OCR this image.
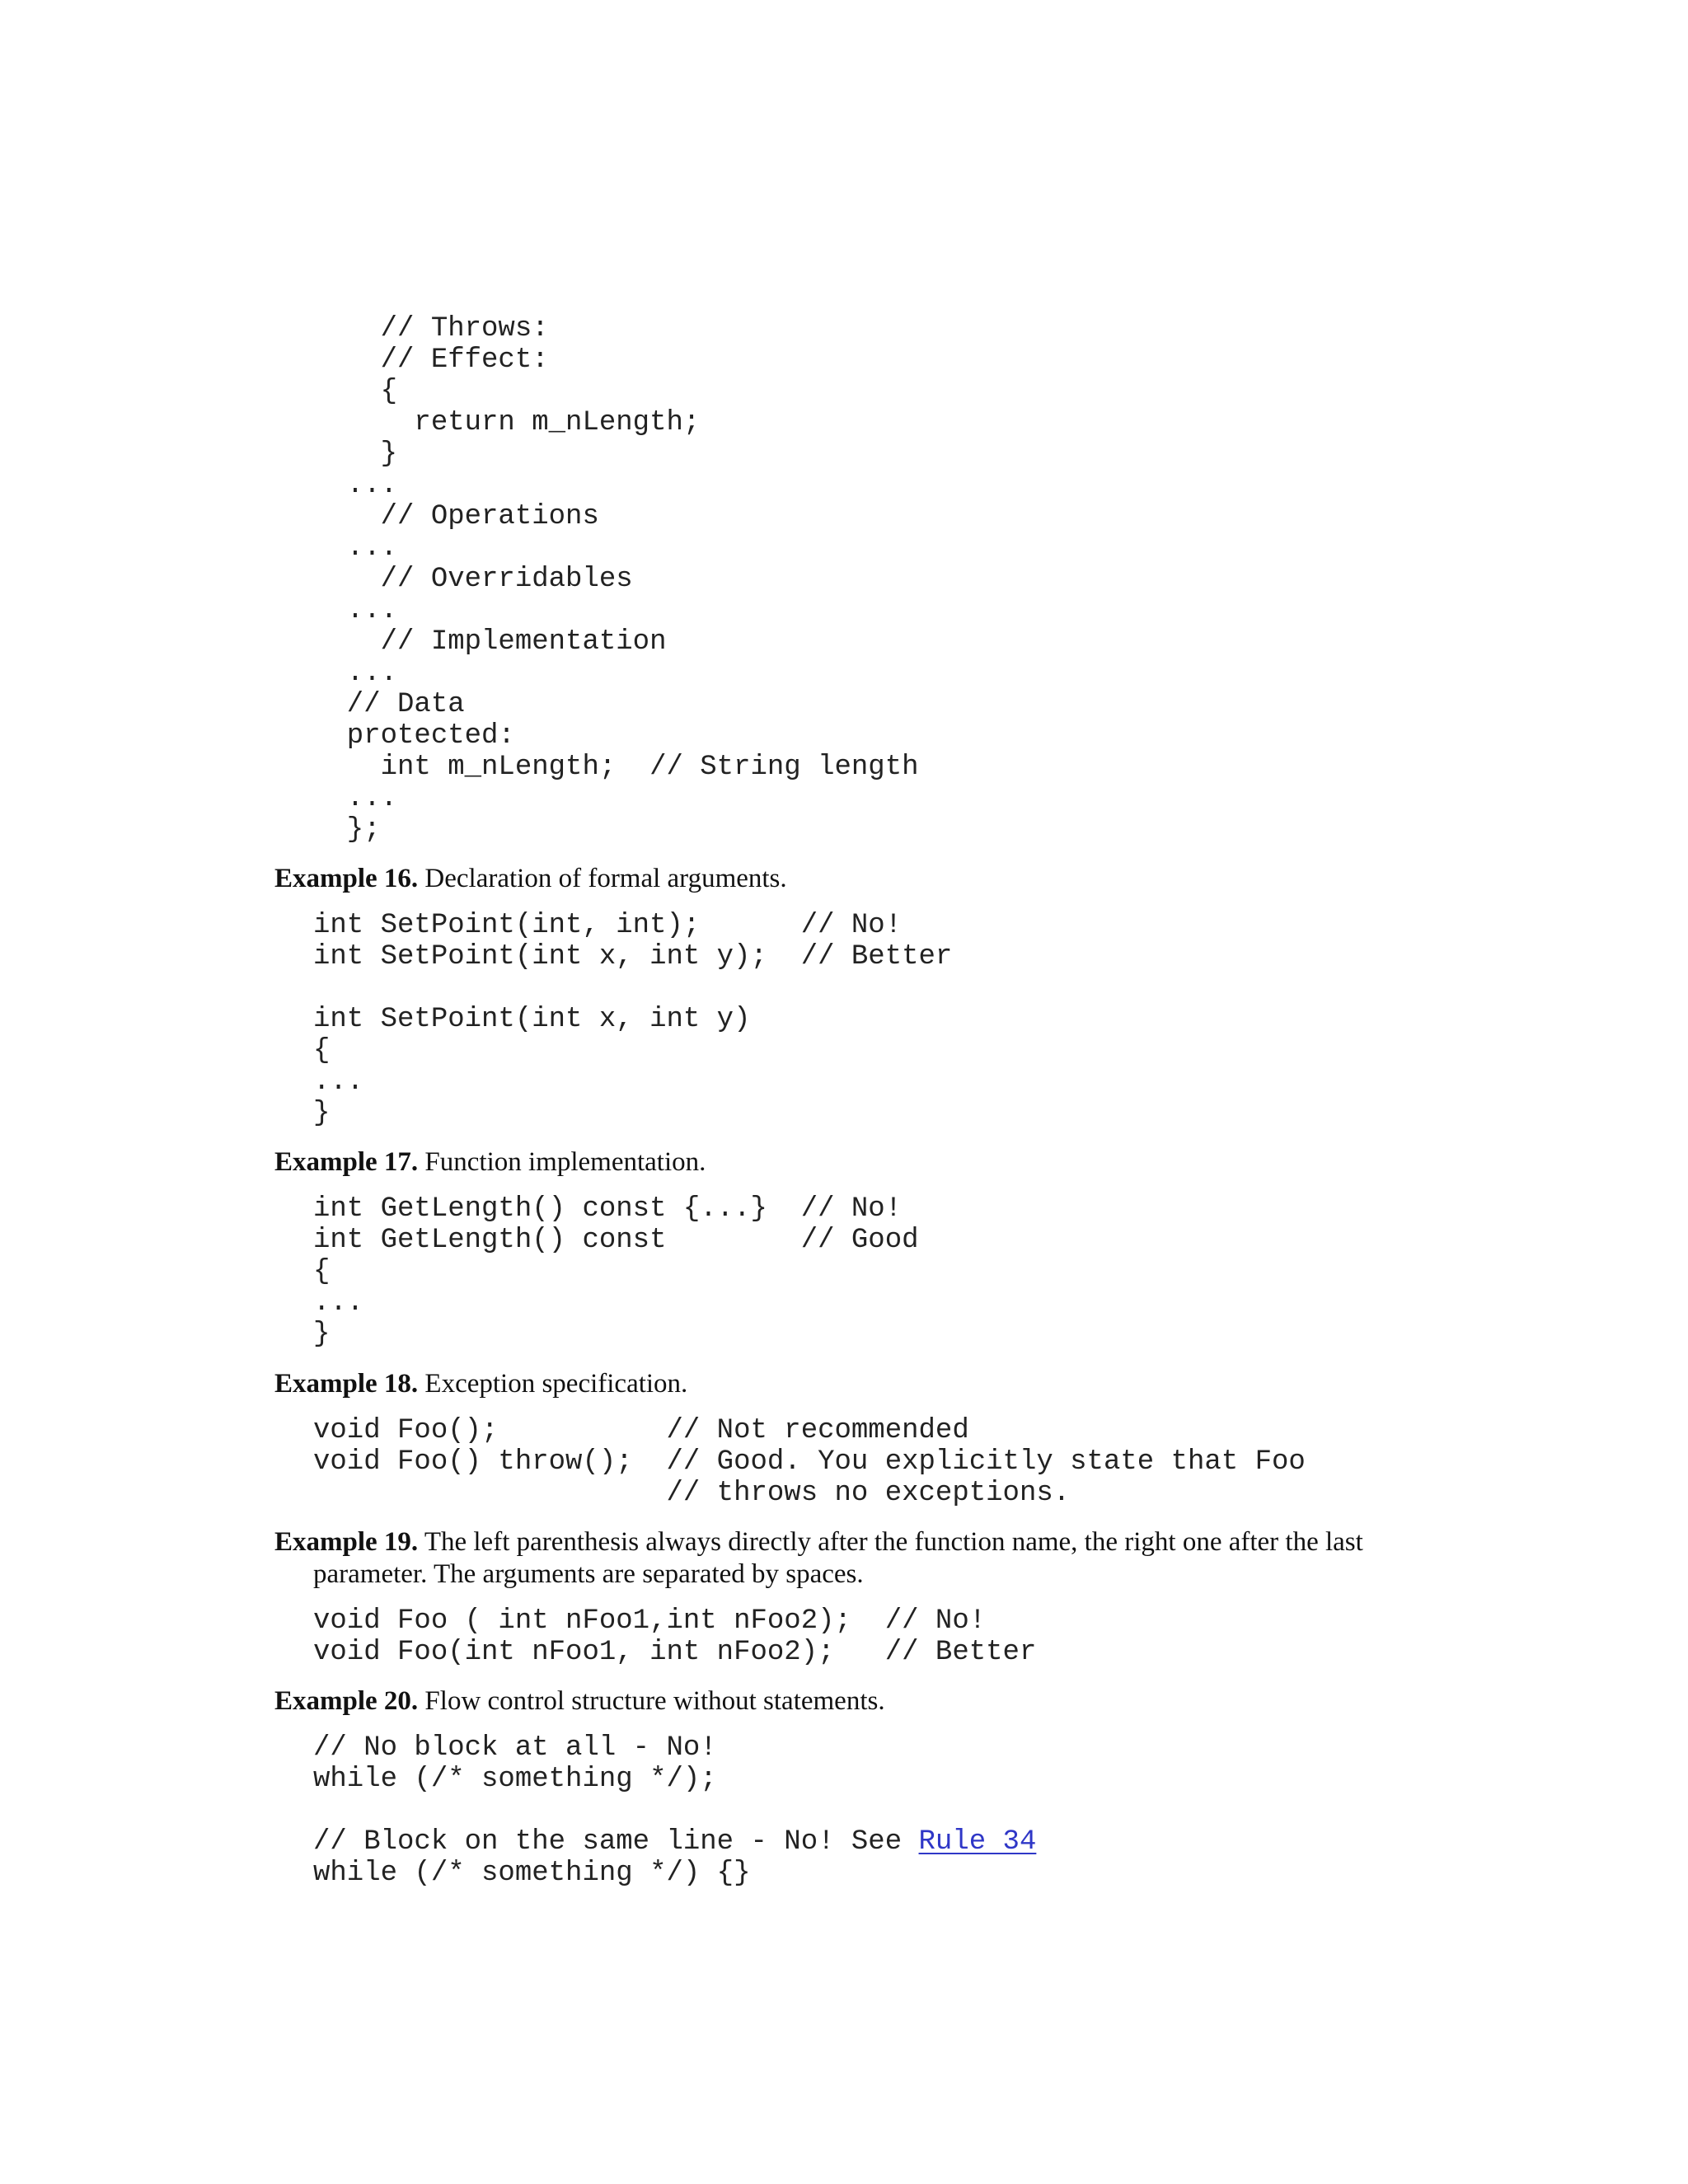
// Throws:
// Effect:
{
return m_nLength;
}
...
// Operations
...
// Overridables
...
// Implementation
...
// Data
protected:
int m_nLength;  // String length
...
};

Example 16. Declaration of formal arguments.

int SetPoint(int, int);      // No!
int SetPoint(int x, int y);  // Better
int SetPoint(int x, int y)
{
...
}

Example 17. Function implementation.

int GetLength() const {...}  // No!
int GetLength() const        // Good
{
...
}

Example 18. Exception specification.

void Foo();          // Not recommended
void Foo() throw();  // Good. You explicitly state that Foo
// throws no exceptions.

Example 19. The left parenthesis always directly after the function name, the right one after the last
parameter. The arguments are separated by spaces.

void Foo ( int nFoo1,int nFoo2);  // No!
void Foo(int nFoo1, int nFoo2);   // Better

Example 20. Flow control structure without statements.

// No block at all - No!
while (/* something */);
// Block on the same line - No! See Rule 34
while (/* something */) {}
